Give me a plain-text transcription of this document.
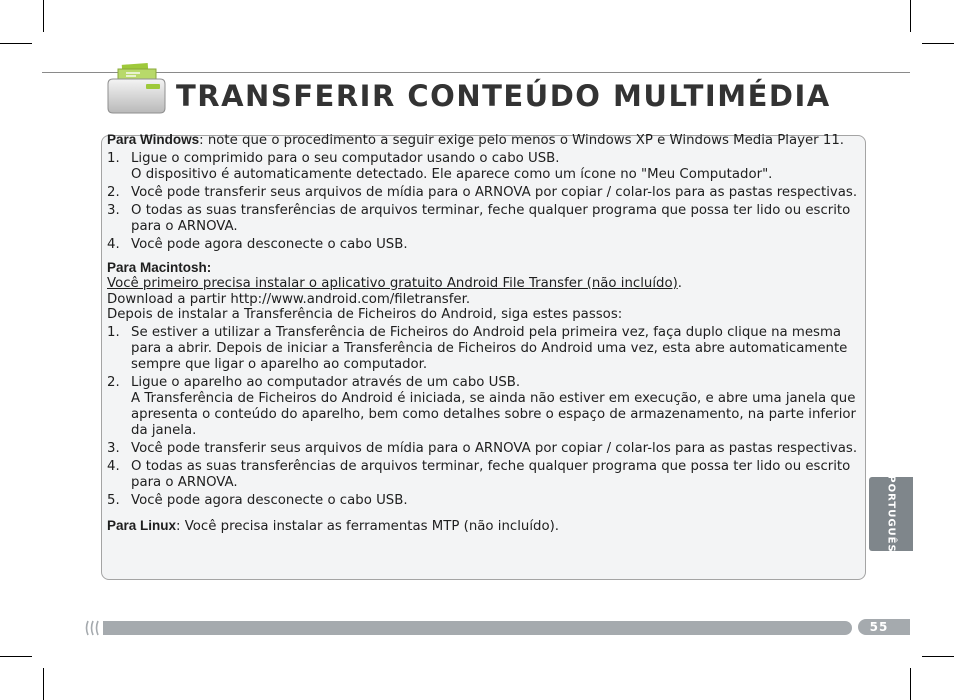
TRANSFERIR CONTEÚDO MULTIMÉDIA

Para Windows: note que o procedimento a seguir exige pelo menos o Windows XP e Windows Media Player 11.

1. Ligue o comprimido para o seu computador usando o cabo USB.
O dispositivo é automaticamente detectado. Ele aparece como um ícone no "Meu Computador".
2. Você pode transferir seus arquivos de mídia para o ARNOVA por copiar / colar-los para as pastas respectivas.
3. O todas as suas transferências de arquivos terminar, feche qualquer programa que possa ter lido ou escrito para o ARNOVA.
4. Você pode agora desconecte o cabo USB.

Para Macintosh:

Você primeiro precisa instalar o aplicativo gratuito Android File Transfer (não incluído).

Download a partir http://www.android.com/filetransfer.

Depois de instalar a Transferência de Ficheiros do Android, siga estes passos:

1. Se estiver a utilizar a Transferência de Ficheiros do Android pela primeira vez, faça duplo clique na mesma para a abrir. Depois de iniciar a Transferência de Ficheiros do Android uma vez, esta abre automaticamente sempre que ligar o aparelho ao computador.
2. Ligue o aparelho ao computador através de um cabo USB.
A Transferência de Ficheiros do Android é iniciada, se ainda não estiver em execução, e abre uma janela que apresenta o conteúdo do aparelho, bem como detalhes sobre o espaço de armazenamento, na parte inferior da janela.
3. Você pode transferir seus arquivos de mídia para o ARNOVA por copiar / colar-los para as pastas respectivas.
4. O todas as suas transferências de arquivos terminar, feche qualquer programa que possa ter lido ou escrito para o ARNOVA.
5. Você pode agora desconecte o cabo USB.

Para Linux: Você precisa instalar as ferramentas MTP (não incluído).	PORTUGUÊS
55
